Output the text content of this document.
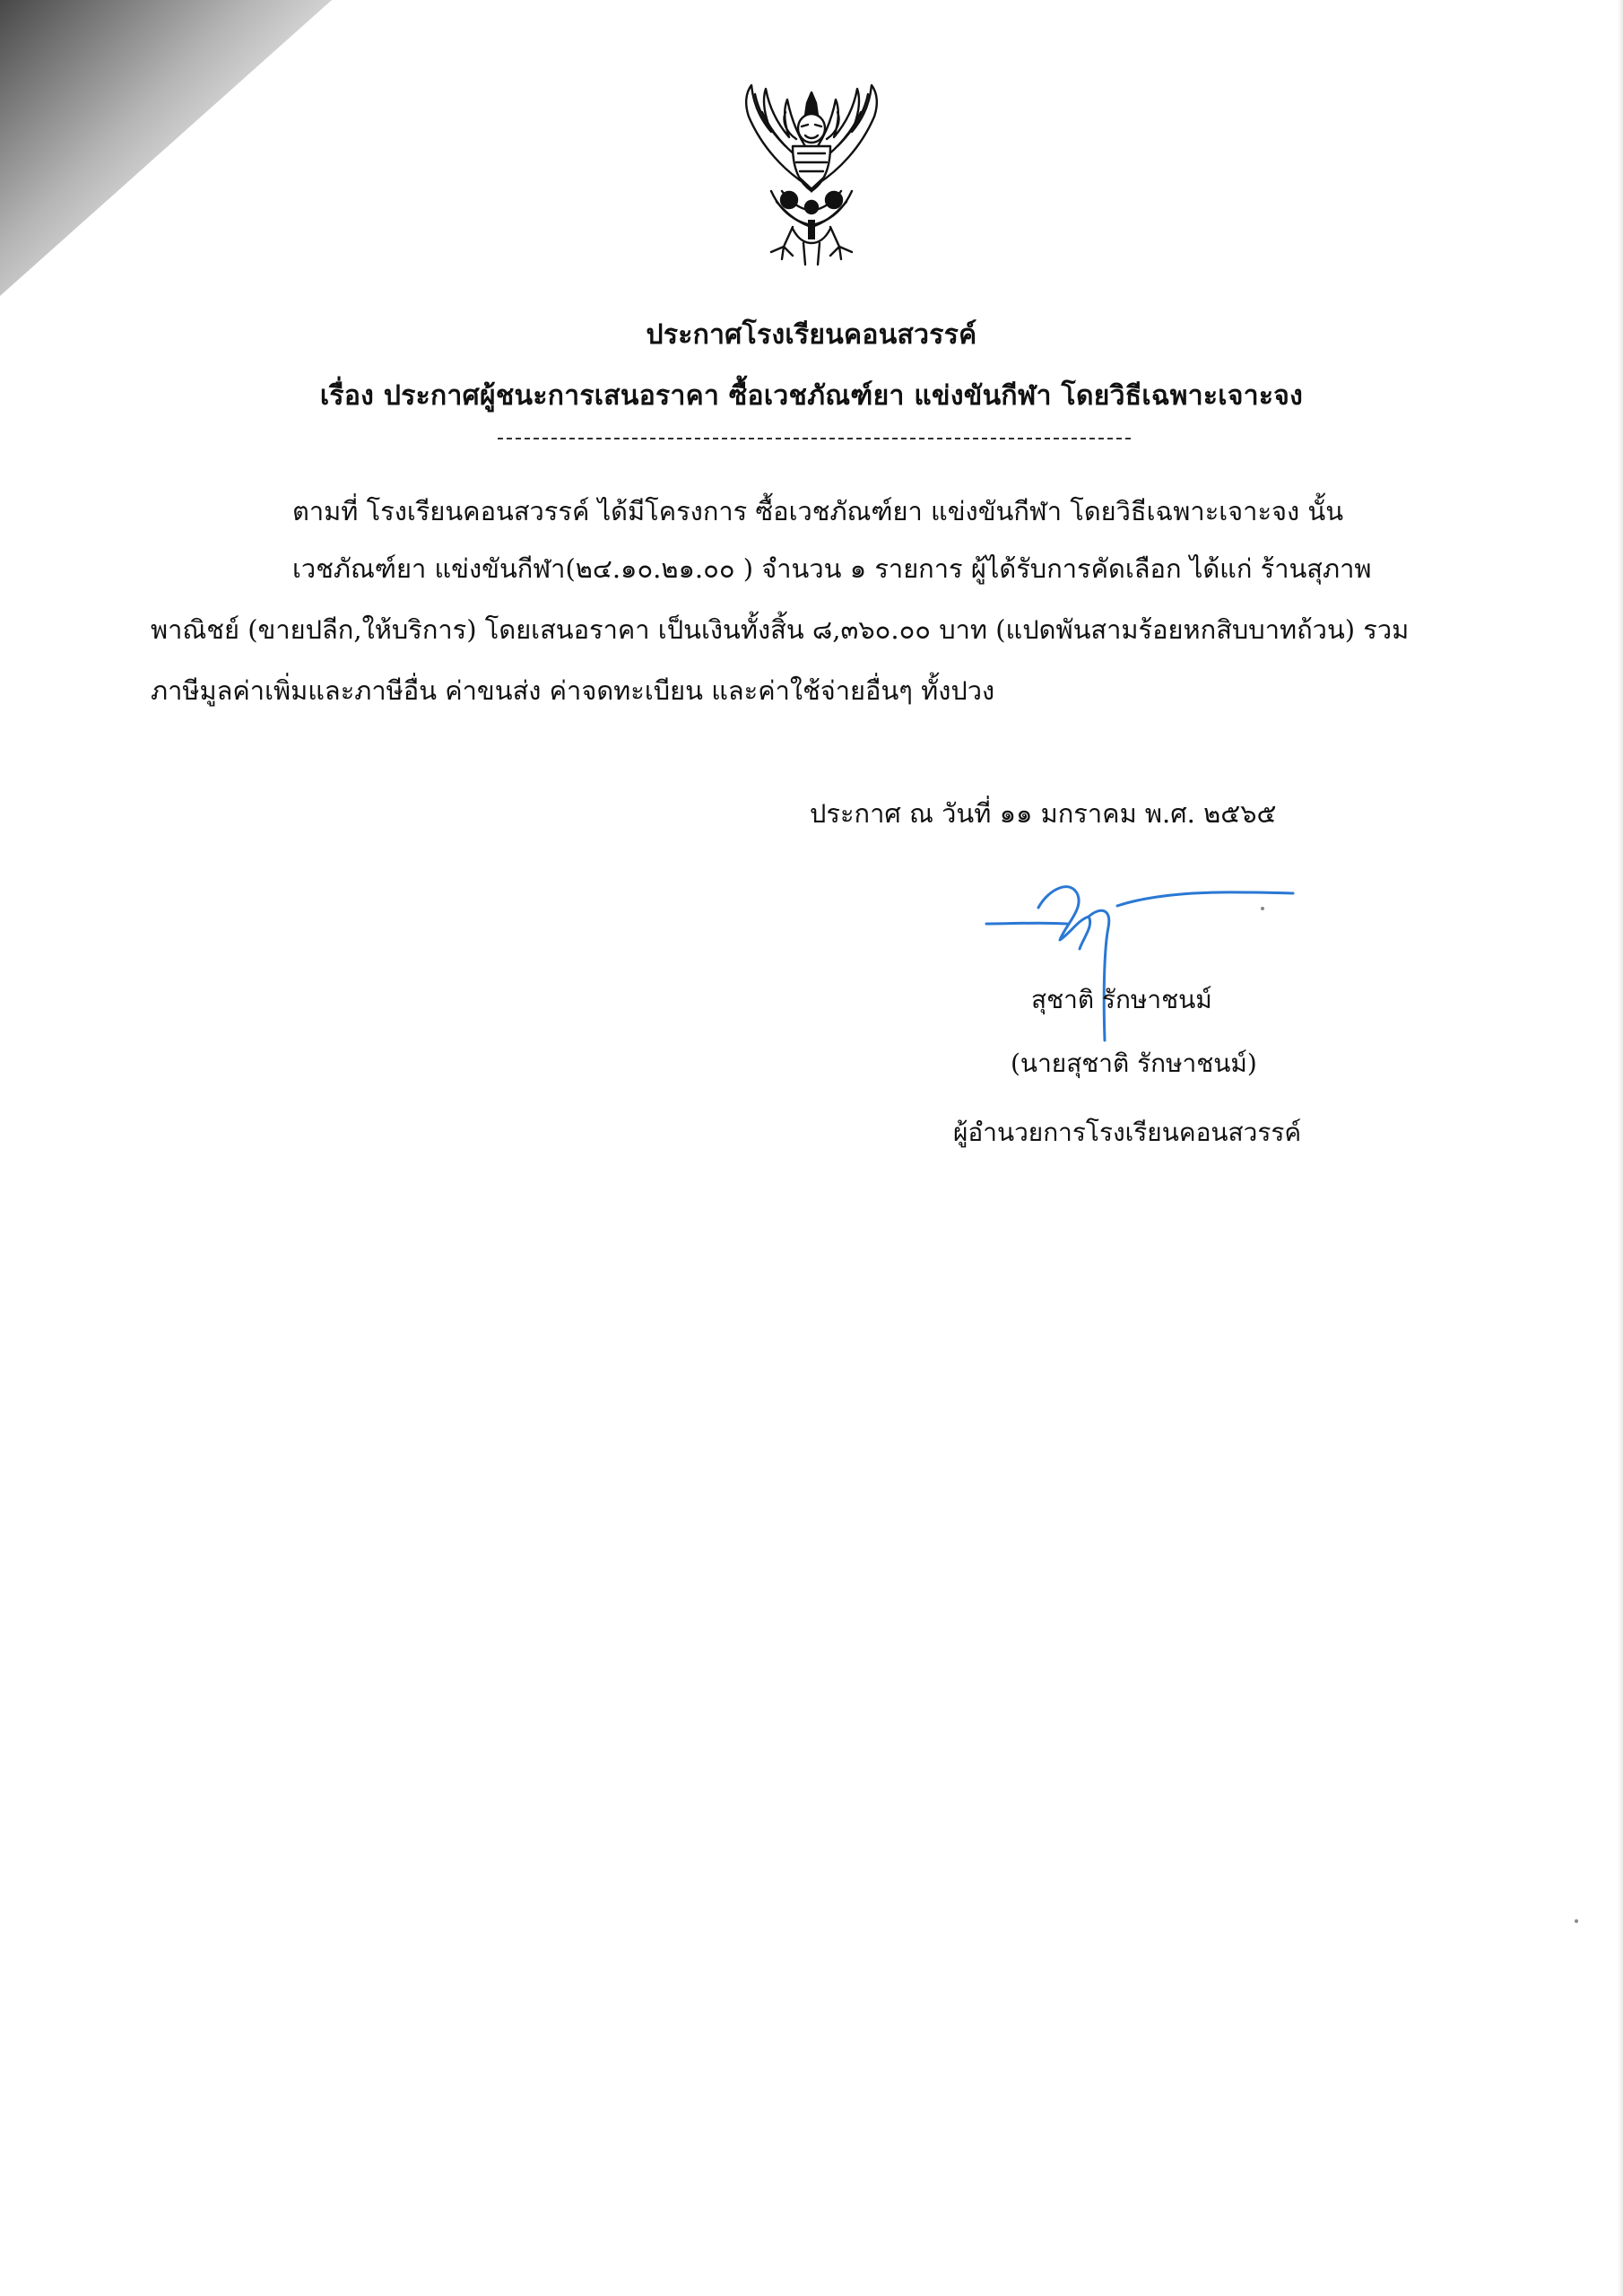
ประกาศโรงเรียนคอนสวรรค์
เรื่อง ประกาศผู้ชนะการเสนอราคา ซื้อเวชภัณฑ์ยา แข่งขันกีฬา โดยวิธีเฉพาะเจาะจง
ตามที่ โรงเรียนคอนสวรรค์ ได้มีโครงการ ซื้อเวชภัณฑ์ยา แข่งขันกีฬา โดยวิธีเฉพาะเจาะจง นั้น
เวชภัณฑ์ยา แข่งขันกีฬา(๒๔.๑๐.๒๑.๐๐ ) จำนวน ๑ รายการ ผู้ได้รับการคัดเลือก ได้แก่ ร้านสุภาพ
พาณิชย์ (ขายปลีก,ให้บริการ) โดยเสนอราคา เป็นเงินทั้งสิ้น ๘,๓๖๐.๐๐ บาท (แปดพันสามร้อยหกสิบบาทถ้วน) รวม
ภาษีมูลค่าเพิ่มและภาษีอื่น ค่าขนส่ง ค่าจดทะเบียน และค่าใช้จ่ายอื่นๆ ทั้งปวง
ประกาศ ณ วันที่ ๑๑ มกราคม พ.ศ. ๒๕๖๕
สุชาติ รักษาชนม์
(นายสุชาติ รักษาชนม์)
ผู้อำนวยการโรงเรียนคอนสวรรค์
